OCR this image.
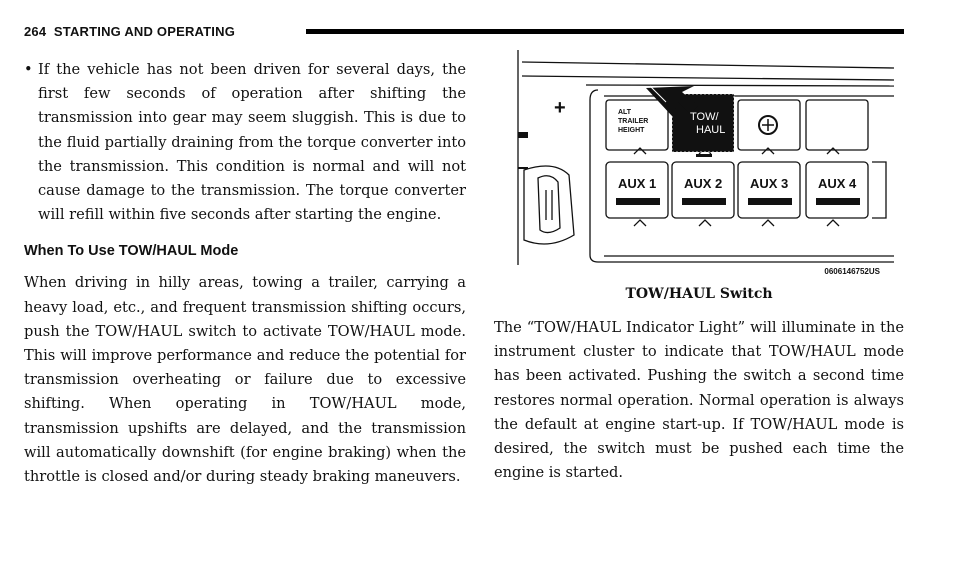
264 STARTING AND OPERATING
• If the vehicle has not been driven for several days, the first few seconds of operation after shifting the transmission into gear may seem sluggish. This is due to the fluid partially draining from the torque converter into the transmission. This condition is normal and will not cause damage to the transmission. The torque converter will refill within five seconds after starting the engine.
When To Use TOW/HAUL Mode

When driving in hilly areas, towing a trailer, carrying a heavy load, etc., and frequent transmission shifting occurs, push the TOW/HAUL switch to activate TOW/HAUL mode. This will improve performance and reduce the potential for transmission overheating or failure due to excessive shifting. When operating in TOW/HAUL mode, transmission upshifts are delayed, and the transmission will automatically downshift (for engine braking) when the throttle is closed and/or during steady braking maneuvers.

+	ALT
TRAILER
HEIGHT
TOW/
HAUL
AUX 1 AUX 2 AUX 3 AUX 4
0606146752US
TOW/HAUL Switch

The “TOW/HAUL Indicator Light” will illuminate in the instrument cluster to indicate that TOW/HAUL mode has been activated. Pushing the switch a second time restores normal operation. Normal operation is always the default at engine start-up. If TOW/HAUL mode is desired, the switch must be pushed each time the engine is started.
